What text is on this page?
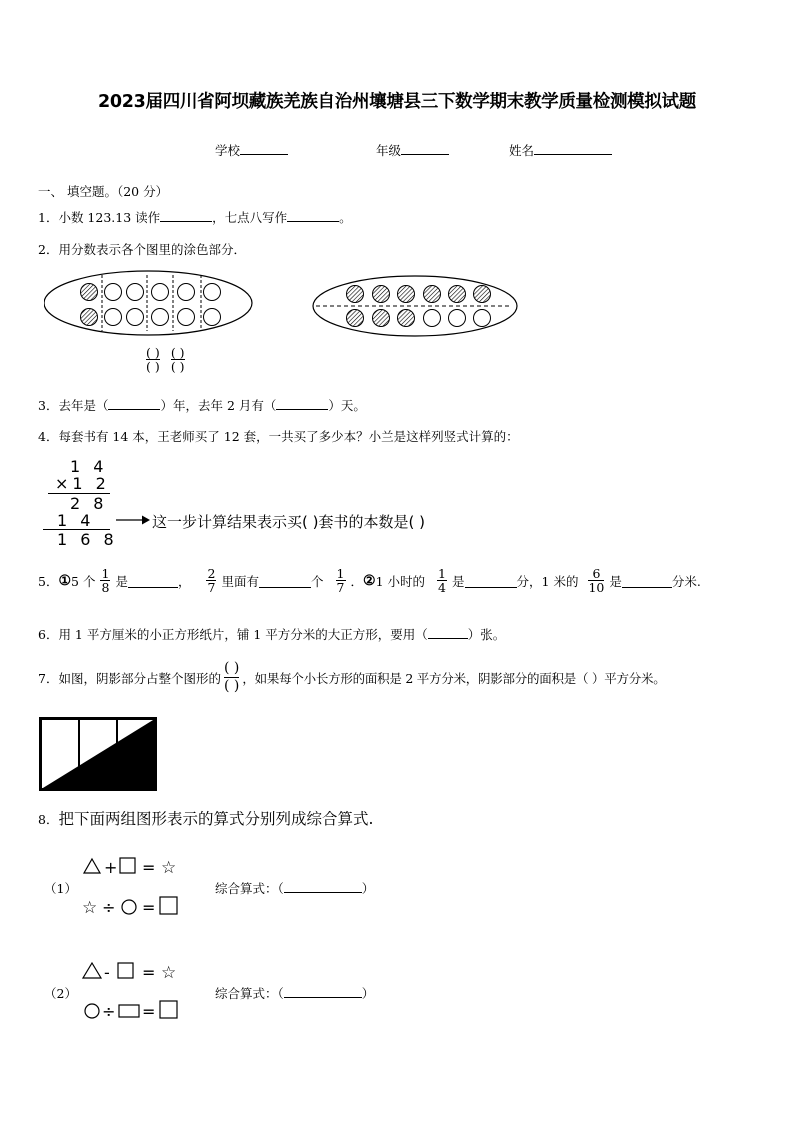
2023届四川省阿坝藏族羌族自治州壤塘县三下数学期末教学质量检测模拟试题
学校	年级	姓名
一、 填空题。（20 分）
1．小数 123.13 读作	，七点八写作	。
2．用分数表示各个图里的涂色部分．
$\frac{( )}{( )}$
$\frac{( )}{( )}$
3．去年是（	）年，去年 2 月有（	）天。
4．每套书有 14 本，王老师买了 12 套，一共买了多少本？小兰是这样列竖式计算的：
1 4
×1 2
2 8
1 4
1 6 8
这一步计算结果表示买( )套书的本数是( )
5． ① 5 个 $\frac{1}{8}$ 是	， $\frac{2}{7}$ 里面有	个 $\frac{1}{7}$ ． ② 1 小时的 $\frac{1}{4}$ 是	分，1 米的 $\frac{6}{10}$ 是	分米.
6．用 1 平方厘米的小正方形纸片，铺 1 平方分米的大正方形，要用（	）张。
7． 如图，阴影部分占整个图形的 $\frac{( )}{( )}$ ，如果每个小长方形的面积是 2 平方分米，阴影部分的面积是（ ）平方分米。
8．把下面两组图形表示的算式分别列成综合算式.
（1）
+ = ☆
☆ ÷ =
综合算式：（	）
（2）
- = ☆
÷ =
综合算式：（	）
